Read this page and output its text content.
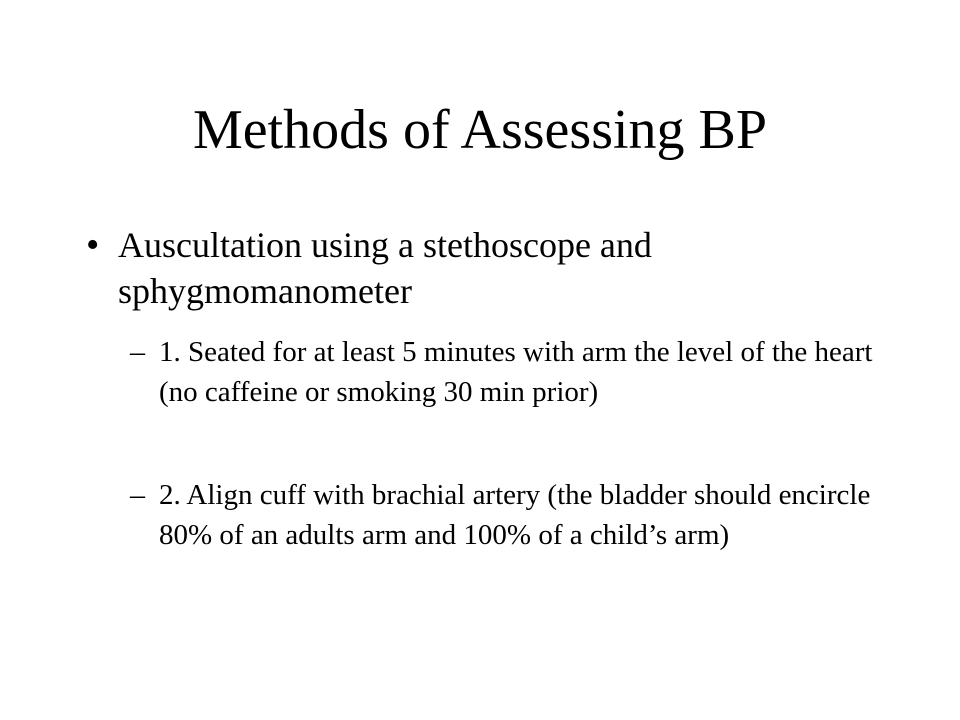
Methods of Assessing BP
• Auscultation using a stethoscope and sphygmomanometer
– 1. Seated for at least 5 minutes with arm the level of the heart (no caffeine or smoking 30 min prior)
– 2. Align cuff with brachial artery (the bladder should encircle 80% of an adults arm and 100% of a child’s arm)
